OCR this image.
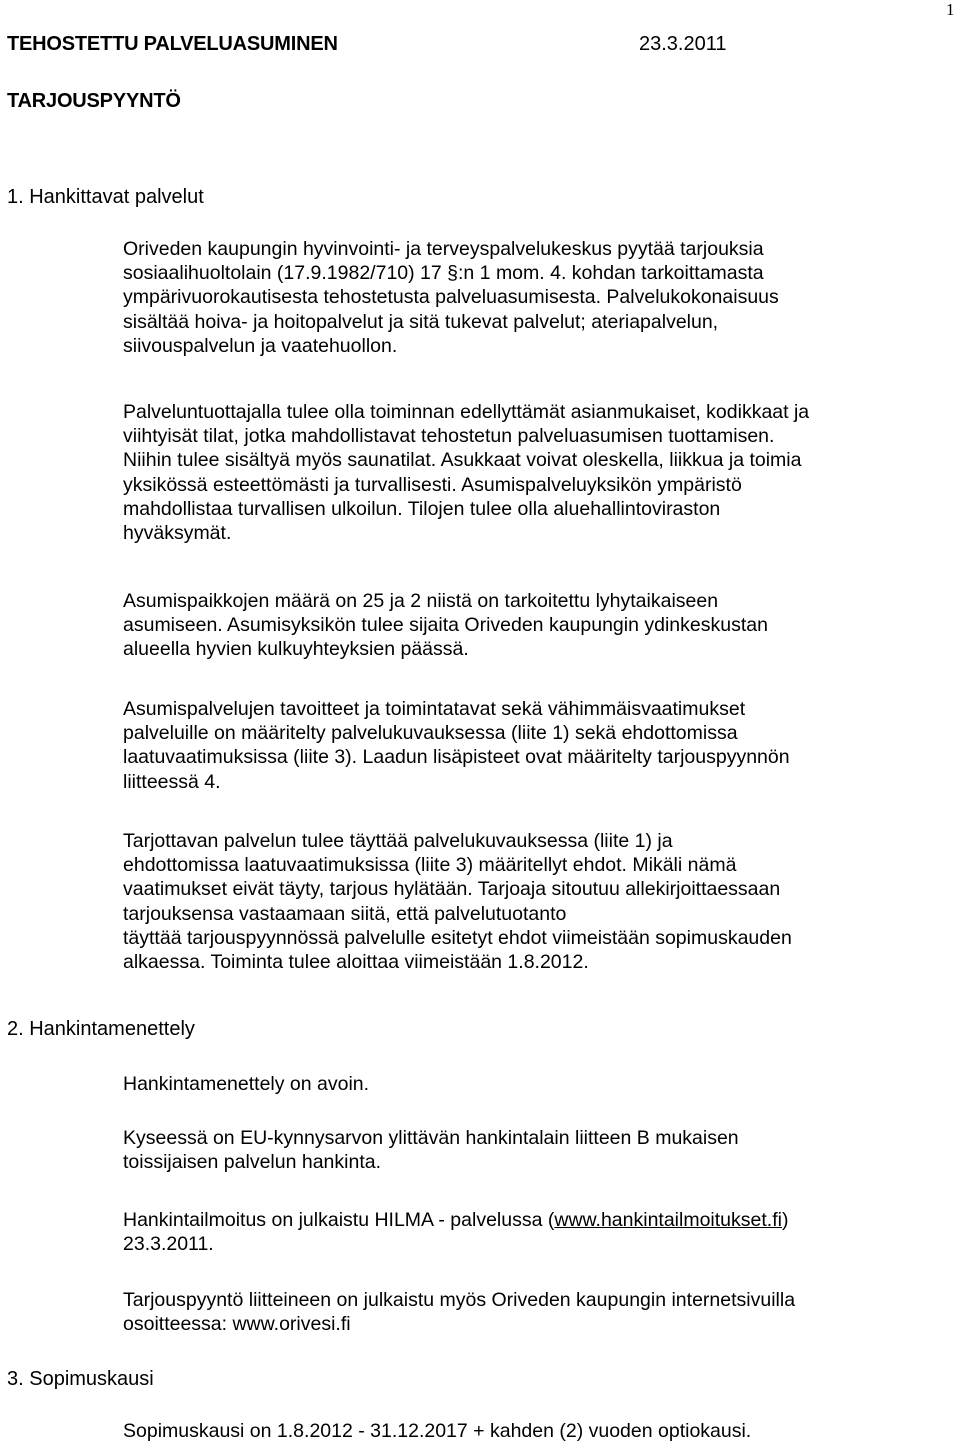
1
TEHOSTETTU PALVELUASUMINEN	23.3.2011
TARJOUSPYYNTÖ
1. Hankittavat palvelut
Oriveden kaupungin hyvinvointi- ja terveyspalvelukeskus pyytää tarjouksia
sosiaalihuoltolain (17.9.1982/710) 17 §:n 1 mom. 4. kohdan tarkoittamasta
ympärivuorokautisesta tehostetusta palveluasumisesta. Palvelukokonaisuus
sisältää hoiva- ja hoitopalvelut ja sitä tukevat palvelut; ateriapalvelun,
siivouspalvelun ja vaatehuollon.
Palveluntuottajalla tulee olla toiminnan edellyttämät asianmukaiset, kodikkaat ja
viihtyisät tilat, jotka mahdollistavat tehostetun palveluasumisen tuottamisen.
Niihin tulee sisältyä myös saunatilat. Asukkaat voivat oleskella, liikkua ja toimia
yksikössä esteettömästi ja turvallisesti. Asumispalveluyksikön ympäristö
mahdollistaa turvallisen ulkoilun. Tilojen tulee olla aluehallintoviraston
hyväksymät.
Asumispaikkojen määrä on 25 ja 2 niistä on tarkoitettu lyhytaikaiseen
asumiseen. Asumisyksikön tulee sijaita Oriveden kaupungin ydinkeskustan
alueella hyvien kulkuyhteyksien päässä.
Asumispalvelujen tavoitteet ja toimintatavat sekä vähimmäisvaatimukset
palveluille on määritelty palvelukuvauksessa (liite 1) sekä ehdottomissa
laatuvaatimuksissa (liite 3). Laadun lisäpisteet ovat määritelty tarjouspyynnön
liitteessä 4.
Tarjottavan palvelun tulee täyttää palvelukuvauksessa (liite 1) ja
ehdottomissa laatuvaatimuksissa (liite 3) määritellyt ehdot. Mikäli nämä
vaatimukset eivät täyty, tarjous hylätään. Tarjoaja sitoutuu allekirjoittaessaan
tarjouksensa vastaamaan siitä, että palvelutuotanto
täyttää tarjouspyynnössä palvelulle esitetyt ehdot viimeistään sopimuskauden
alkaessa. Toiminta tulee aloittaa viimeistään 1.8.2012.
2. Hankintamenettely
Hankintamenettely on avoin.
Kyseessä on EU-kynnysarvon ylittävän hankintalain liitteen B mukaisen
toissijaisen palvelun hankinta.
Hankintailmoitus on julkaistu HILMA - palvelussa (www.hankintailmoitukset.fi)
23.3.2011.
Tarjouspyyntö liitteineen on julkaistu myös Oriveden kaupungin internetsivuilla
osoitteessa: www.orivesi.fi
3. Sopimuskausi
Sopimuskausi on 1.8.2012 - 31.12.2017 + kahden (2) vuoden optiokausi.
